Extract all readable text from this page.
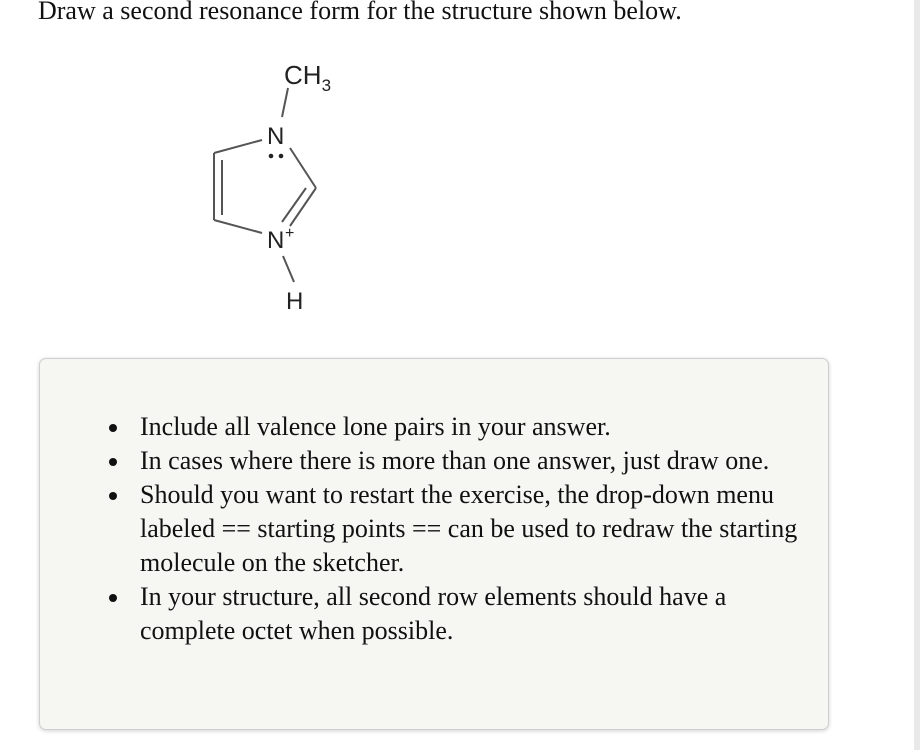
Draw a second resonance form for the structure shown below.
$CH_3$
N
N +
H
Include all valence lone pairs in your answer.
In cases where there is more than one answer, just draw one.
Should you want to restart the exercise, the drop-down menu labeled == starting points == can be used to redraw the starting molecule on the sketcher.
In your structure, all second row elements should have a complete octet when possible.
